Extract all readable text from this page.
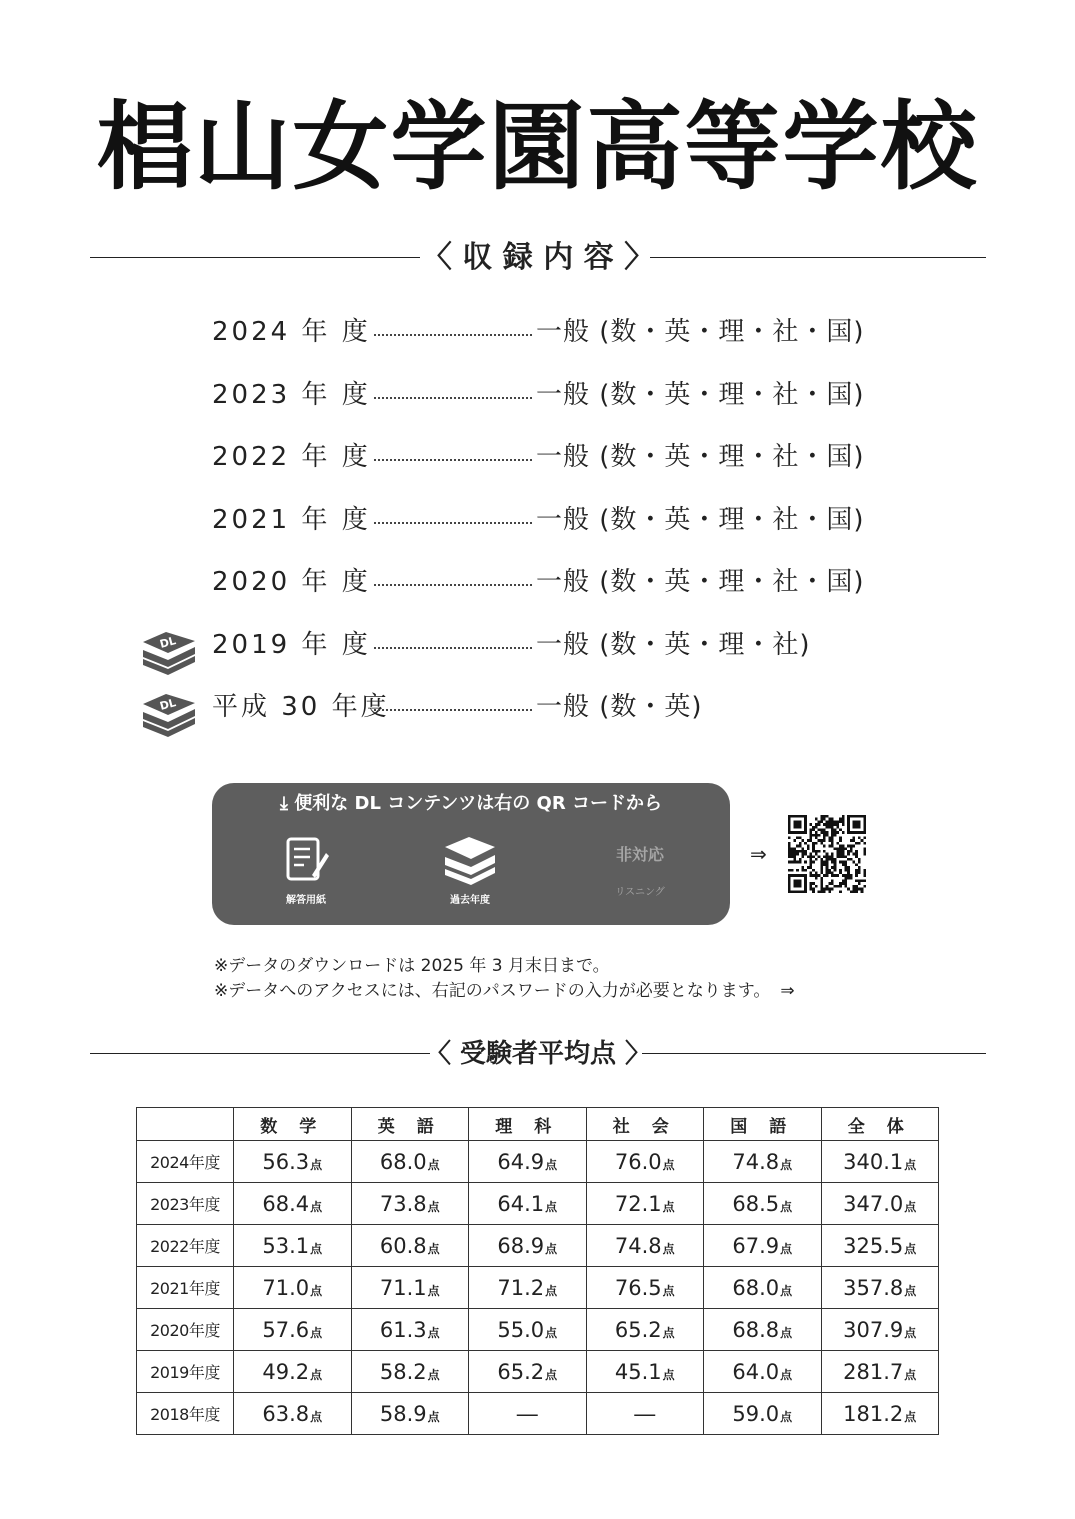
椙山女学園高等学校
〈 収 録 内 容 〉
2024 年 度	一般 (数・英・理・社・国)
2023 年 度	一般 (数・英・理・社・国)
2022 年 度	一般 (数・英・理・社・国)
2021 年 度	一般 (数・英・理・社・国)
2020 年 度	一般 (数・英・理・社・国)
DL 2019 年 度	一般 (数・英・理・社)
DL 平成 30 年度	一般 (数・英)
⤓ 便利な DL コンテンツは右の QR コードから
解答用紙	過去年度
非対応
リスニング
⇒
※データのダウンロードは 2025 年 3 月末日まで。
※データへのアクセスには、右記のパスワードの入力が必要となります。 ⇒
〈 受験者平均点 〉
	数 学	英 語	理 科	社 会	国 語	全 体
2024年度	56.3点	68.0点	64.9点	76.0点	74.8点	340.1点
2023年度	68.4点	73.8点	64.1点	72.1点	68.5点	347.0点
2022年度	53.1点	60.8点	68.9点	74.8点	67.9点	325.5点
2021年度	71.0点	71.1点	71.2点	76.5点	68.0点	357.8点
2020年度	57.6点	61.3点	55.0点	65.2点	68.8点	307.9点
2019年度	49.2点	58.2点	65.2点	45.1点	64.0点	281.7点
2018年度	63.8点	58.9点	―	―	59.0点	181.2点
